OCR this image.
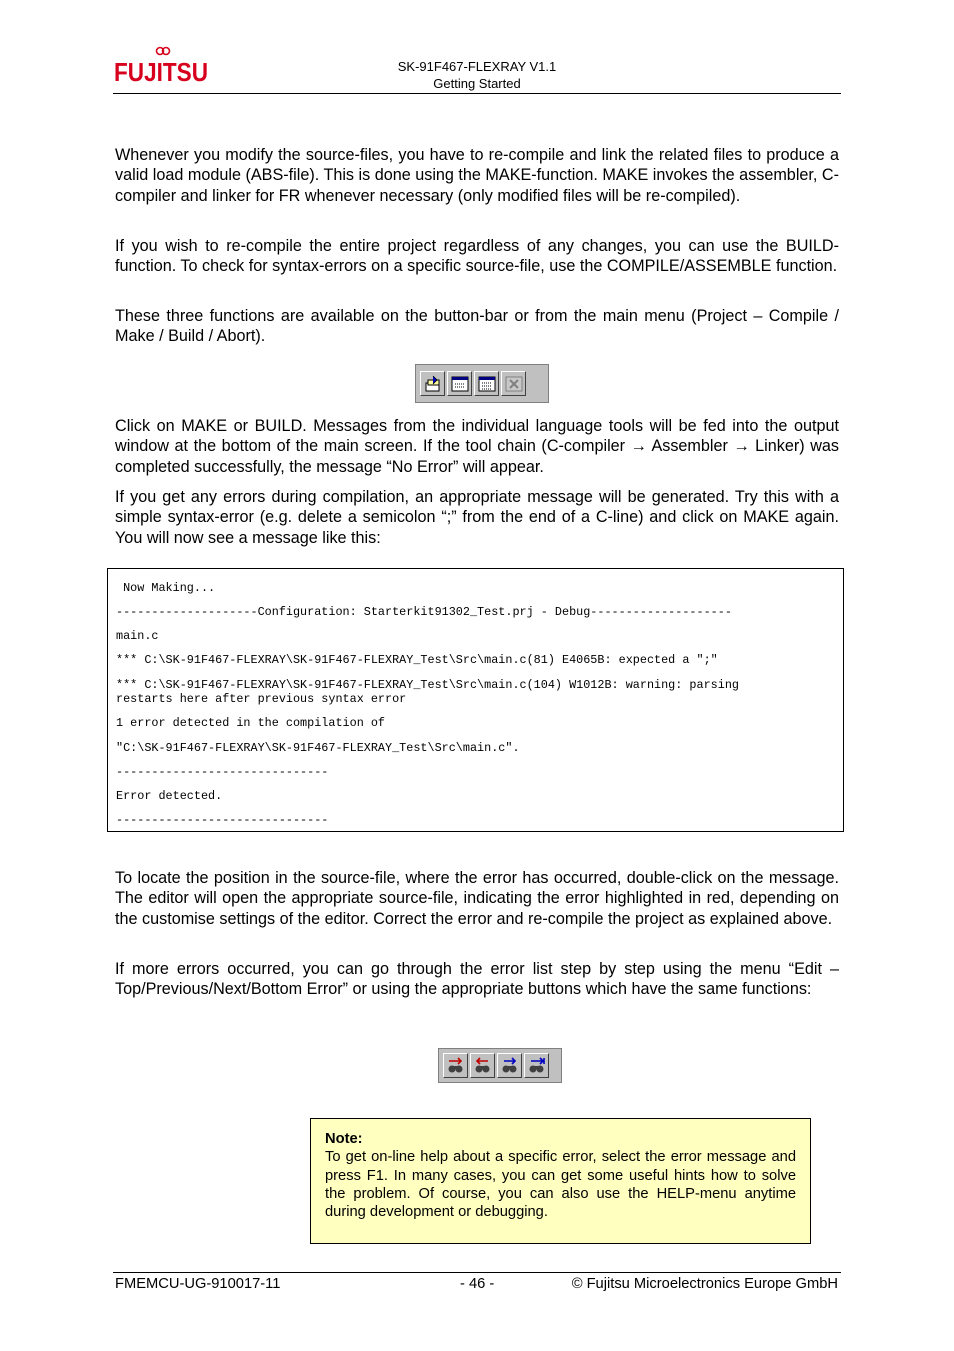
FUJITSU	SK-91F467-FLEXRAY V1.1
Getting Started

Whenever you modify the source-files, you have to re-compile and link the related files to produce a valid load module (ABS-file). This is done using the MAKE-function. MAKE invokes the assembler, C-compiler and linker for FR whenever necessary (only modified files will be re-compiled).

If you wish to re-compile the entire project regardless of any changes, you can use the BUILD-function. To check for syntax-errors on a specific source-file, use the COMPILE/ASSEMBLE function.

These three functions are available on the button-bar or from the main menu (Project – Compile / Make / Build / Abort).

Click on MAKE or BUILD. Messages from the individual language tools will be fed into the output window at the bottom of the main screen. If the tool chain (C-compiler → Assembler → Linker) was completed successfully, the message “No Error” will appear.

If you get any errors during compilation, an appropriate message will be generated. Try this with a simple syntax-error (e.g. delete a semicolon “;” from the end of a C-line) and click on MAKE again. You will now see a message like this:

Now Making...
--------------------Configuration: Starterkit91302_Test.prj - Debug--------------------
main.c
*** C:\SK-91F467-FLEXRAY\SK-91F467-FLEXRAY_Test\Src\main.c(81) E4065B: expected a ";"
*** C:\SK-91F467-FLEXRAY\SK-91F467-FLEXRAY_Test\Src\main.c(104) W1012B: warning: parsing
restarts here after previous syntax error
1 error detected in the compilation of
"C:\SK-91F467-FLEXRAY\SK-91F467-FLEXRAY_Test\Src\main.c".
------------------------------
Error detected.
------------------------------

To locate the position in the source-file, where the error has occurred, double-click on the message. The editor will open the appropriate source-file, indicating the error highlighted in red, depending on the customise settings of the editor. Correct the error and re-compile the project as explained above.

If more errors occurred, you can go through the error list step by step using the menu “Edit – Top/Previous/Next/Bottom Error” or using the appropriate buttons which have the same functions:

Note:
To get on-line help about a specific error, select the error message and press F1. In many cases, you can get some useful hints how to solve the problem. Of course, you can also use the HELP-menu anytime during development or debugging.
FMEMCU-UG-910017-11	- 46 -	© Fujitsu Microelectronics Europe GmbH
